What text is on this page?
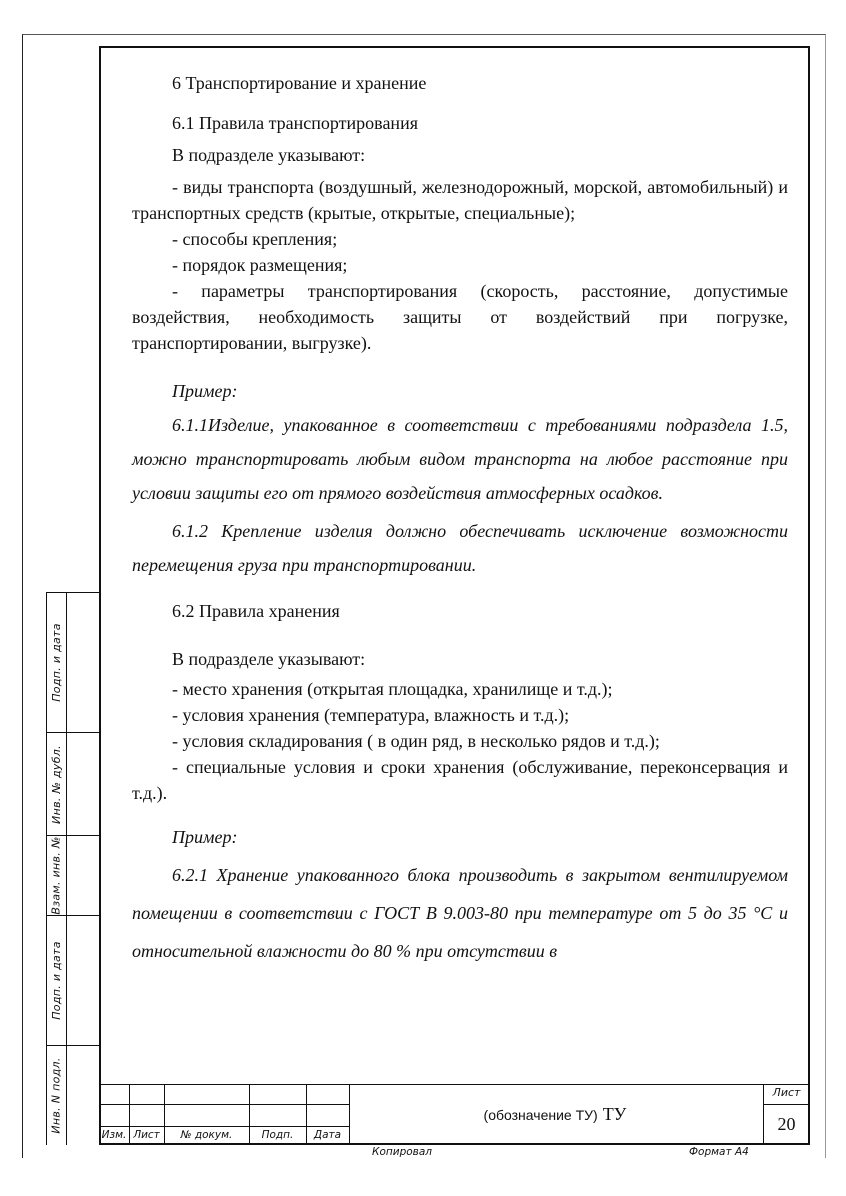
6 Транспортирование и хранение

6.1 Правила транспортирования

В подразделе указывают:

- виды транспорта (воздушный, железнодорожный, морской, автомобильный) и транспортных средств (крытые, открытые, специальные);

- способы крепления;

- порядок размещения;

- параметры транспортирования (скорость, расстояние, допустимые воздействия, необходимость защиты от воздействий при погрузке, транспортировании, выгрузке).

Пример:

6.1.1Изделие, упакованное в соответствии с требованиями подраздела 1.5, можно транспортировать любым видом транспорта на любое расстояние при условии защиты его от прямого воздействия атмосферных осадков.

6.1.2 Крепление изделия должно обеспечивать исключение возможности перемещения груза при транспортировании.

6.2 Правила хранения

В подразделе указывают:

- место хранения (открытая площадка, хранилище и т.д.);

- условия хранения (температура, влажность и т.д.);

- условия складирования ( в один ряд, в несколько рядов и т.д.);

- специальные условия и сроки хранения (обслуживание, переконсервация и т.д.).

Пример:

6.2.1 Хранение упакованного блока производить в закрытом вентилируемом помещении в соответствии с ГОСТ В 9.003-80 при температуре от 5 до 35 °С и относительной влажности до 80 % при отсутствии в

Подп. и дата
Инв. № дубл.
Взам. инв. №
Подп. и дата
Инв. N подл.
Изм. Лист	№ докум.	Подп.	Дата
(обозначение ТУ) ТУ
Лист
20
Копировал	Формат А4
